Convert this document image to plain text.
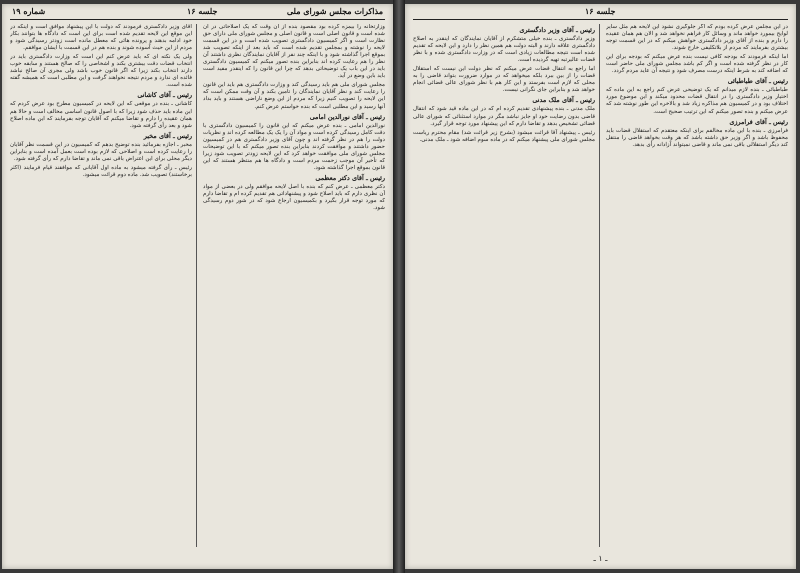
مذاکرات مجلس شورای ملی
جلسه ۱۶
شماره ۱۹

وزارتخانه را بیمزه کرده بود مقصود بنده از آن وقت که یک اصلاحاتی در آن شده است و قانون اصلی است و قانون اصلی و مجلس شورای ملی دارای حق نظارت است و اگر کمیسیون دادگستری تصویب شده است و در این قسمت لایحه را نوشته و بمجلس تقدیم شده است که باید بعد از اینکه تصویب شد بموقع اجرا گذاشته شود و با اینکه چند نفر از آقایان نمایندگان نظری داشتند آن نظر را هم رعایت کرده اند بنابراین بنده تصور میکنم که کمیسیون دادگستری باید در این باب یک توضیحاتی بدهد که چرا این قانون را که اینقدر مفید است باید باین وضع در آید.

مجلس شورای ملی هم باید رسیدگی کند و وزارت دادگستری هم باید این قانون را رعایت کند و نظر آقایان نمایندگان را تامین بکند و آن وقت ممکن است که این لایحه را تصویب کنیم زیرا که مردم از این وضع ناراضی هستند و باید بداد آنها رسید و این مطلبی است که بنده خواستم عرض کنم.

رئیس ـ آقای نورالدین امامی

نورالدین امامی ـ بنده عرض میکنم که این قانون را کمیسیون دادگستری با دقت کامل رسیدگی کرده است و مواد آن را یک یک مطالعه کرده اند و نظریات دولت را هم در نظر گرفته اند و چون آقای وزیر دادگستری هم در کمیسیون حضور داشتند و موافقت کردند بنابراین بنده تصور میکنم که با این توضیحات مجلس شورای ملی موافقت خواهد کرد که این لایحه زودتر تصویب شود زیرا که تأخیر آن موجب زحمت مردم است و دادگاه ها هم منتظر هستند که این قانون بموقع اجرا گذاشته شود.

رئیس ـ آقای دکتر معظمی

دکتر معظمی ـ عرض کنم که بنده با اصل لایحه موافقم ولی در بعضی از مواد آن نظری دارم که باید اصلاح شود و پیشنهاداتی هم تقدیم کرده ام و تقاضا دارم که مورد توجه قرار بگیرد و بکمیسیون ارجاع شود که در شور دوم رسیدگی شود.

آقای وزیر دادگستری فرمودند که دولت با این پیشنهاد موافق است و اینکه در این موقع این لایحه تقدیم شده است برای این است که دادگاه ها بتوانند بکار خود ادامه بدهند و پرونده هائی که معطل مانده است زودتر رسیدگی شود و مردم از این حیث آسوده شوند و بنده هم در این قسمت با ایشان موافقم.

ولی یک نکته ای که باید عرض کنم این است که وزارت دادگستری باید در انتخاب قضات دقت بیشتری بکند و اشخاصی را که صالح هستند و سابقه خوب دارند انتخاب بکند زیرا که اگر قانون خوب باشد ولی مجری آن صالح نباشد فائده ای ندارد و مردم نتیجه نخواهند گرفت و این مطلبی است که همیشه گفته شده است.

رئیس ـ آقای کاشانی

کاشانی ـ بنده در موقعی که این لایحه در کمیسیون مطرح بود عرض کردم که این ماده باید حذف شود زیرا که با اصول قانون اساسی مخالف است و حالا هم همان عقیده را دارم و تقاضا میکنم که آقایان توجه بفرمایند که این ماده اصلاح شود و بعد رأی گرفته شود.

رئیس ـ آقای مخبر

مخبر ـ اجازه بفرمائید بنده توضیح بدهم که کمیسیون در این قسمت نظر آقایان را رعایت کرده است و اصلاحی که لازم بوده است بعمل آمده است و بنابراین دیگر محلی برای این اعتراض باقی نمی ماند و تقاضا دارم که رأی گرفته شود.

رئیس ـ رأی گرفته میشود به ماده اول آقایانی که موافقند قیام فرمایند (اکثر برخاستند) تصویب شد. ماده دوم قرائت میشود.

جلسه ۱۶

در این مجلس عرض کرده بودم که اگر جلوگیری نشود این لایحه هم مثل سایر لوایح بیمورد خواهد ماند و وسائل کار فراهم نخواهد شد و الان هم همان عقیده را دارم و بنده از آقای وزیر دادگستری خواهش میکنم که در این قسمت توجه بیشتری بفرمایند که مردم از بلاتکلیفی خارج شوند.

اما اینکه فرمودند که بودجه کافی نیست بنده عرض میکنم که بودجه برای این کار در نظر گرفته شده است و اگر کم باشد مجلس شورای ملی حاضر است که اضافه کند به شرط اینکه درست مصرف شود و نتیجه آن عاید مردم گردد.

رئیس ـ آقای طباطبائی

طباطبائی ـ بنده لازم میدانم که یک توضیحی عرض کنم راجع به این ماده که اختیار وزیر دادگستری را در انتقال قضات محدود میکند و این موضوع مورد اختلاف بود و در کمیسیون هم مذاکره زیاد شد و بالاخره این طور نوشته شد که عرض میکنم و بنده تصور میکنم که این ترتیب صحیح است.

رئیس ـ آقای فرامرزی

فرامرزی ـ بنده با این ماده مخالفم برای اینکه معتقدم که استقلال قضات باید محفوظ باشد و اگر وزیر حق داشته باشد که هر وقت بخواهد قاضی را منتقل کند دیگر استقلالی باقی نمی ماند و قاضی نمیتواند آزادانه رأی بدهد.

رئیس ـ آقای وزیر دادگستری

وزیر دادگستری ـ بنده خیلی متشکرم از آقایان نمایندگان که اینقدر به اصلاح دادگستری علاقه دارند و البته دولت هم همین نظر را دارد و این لایحه که تقدیم شده است نتیجه مطالعات زیادی است که در وزارت دادگستری شده و با نظر قضات عالیرتبه تهیه گردیده است.

اما راجع به انتقال قضات عرض میکنم که نظر دولت این نیست که استقلال قضات را از بین ببرد بلکه میخواهد که در موارد ضرورت بتواند قاضی را به محلی که لازم است بفرستد و این کار هم با نظر شورای عالی قضائی انجام خواهد شد و بنابراین جای نگرانی نیست.

رئیس ـ آقای ملک مدنی

ملک مدنی ـ بنده پیشنهادی تقدیم کرده ام که در این ماده قید شود که انتقال قاضی بدون رضایت خود او جایز نباشد مگر در موارد استثنائی که شورای عالی قضائی تشخیص بدهد و تقاضا دارم که این پیشنهاد مورد توجه قرار گیرد.

رئیس ـ پیشنهاد آقا قرائت میشود (بشرح زیر قرائت شد) مقام محترم ریاست مجلس شورای ملی پیشنهاد میکنم که در ماده سوم اضافه شود ـ ملک مدنی.

ـ ۱ ـ
